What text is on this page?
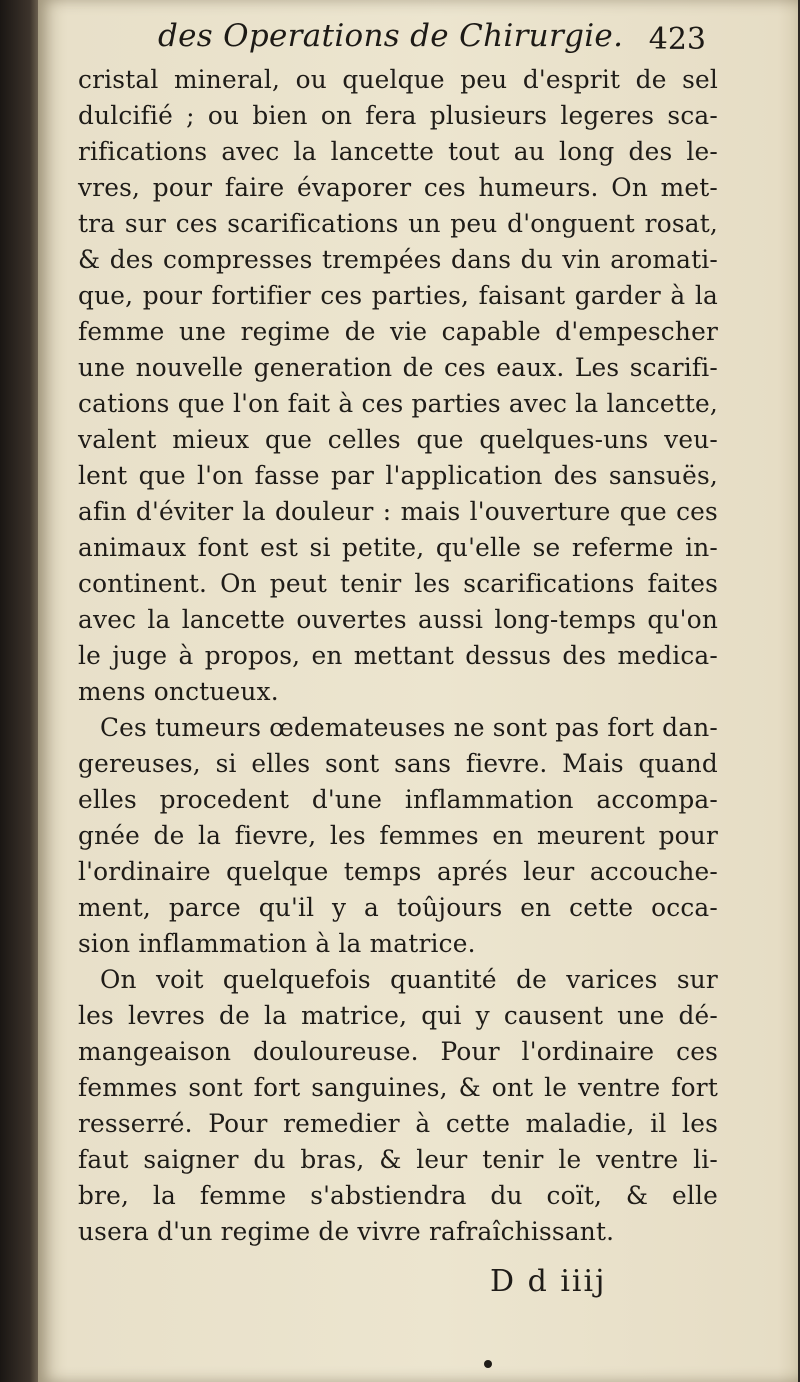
des Operations de Chirurgie. 423
cristal mineral, ou quelque peu d'esprit de sel
dulcifié ; ou bien on fera plusieurs legeres sca-
rifications avec la lancette tout au long des le-
vres, pour faire évaporer ces humeurs. On met-
tra sur ces scarifications un peu d'onguent rosat,
& des compresses trempées dans du vin aromati-
que, pour fortifier ces parties, faisant garder à la
femme une regime de vie capable d'empescher
une nouvelle generation de ces eaux. Les scarifi-
cations que l'on fait à ces parties avec la lancette,
valent mieux que celles que quelques-uns veu-
lent que l'on fasse par l'application des sansuës,
afin d'éviter la douleur : mais l'ouverture que ces
animaux font est si petite, qu'elle se referme in-
continent. On peut tenir les scarifications faites
avec la lancette ouvertes aussi long-temps qu'on
le juge à propos, en mettant dessus des medica-
mens onctueux.
Ces tumeurs œdemateuses ne sont pas fort dan-
gereuses, si elles sont sans fievre. Mais quand
elles procedent d'une inflammation accompa-
gnée de la fievre, les femmes en meurent pour
l'ordinaire quelque temps aprés leur accouche-
ment, parce qu'il y a toûjours en cette occa-
sion inflammation à la matrice.
On voit quelquefois quantité de varices sur
les levres de la matrice, qui y causent une dé-
mangeaison douloureuse. Pour l'ordinaire ces
femmes sont fort sanguines, & ont le ventre fort
resserré. Pour remedier à cette maladie, il les
faut saigner du bras, & leur tenir le ventre li-
bre, la femme s'abstiendra du coït, & elle
usera d'un regime de vivre rafraîchissant.
D d iiij
